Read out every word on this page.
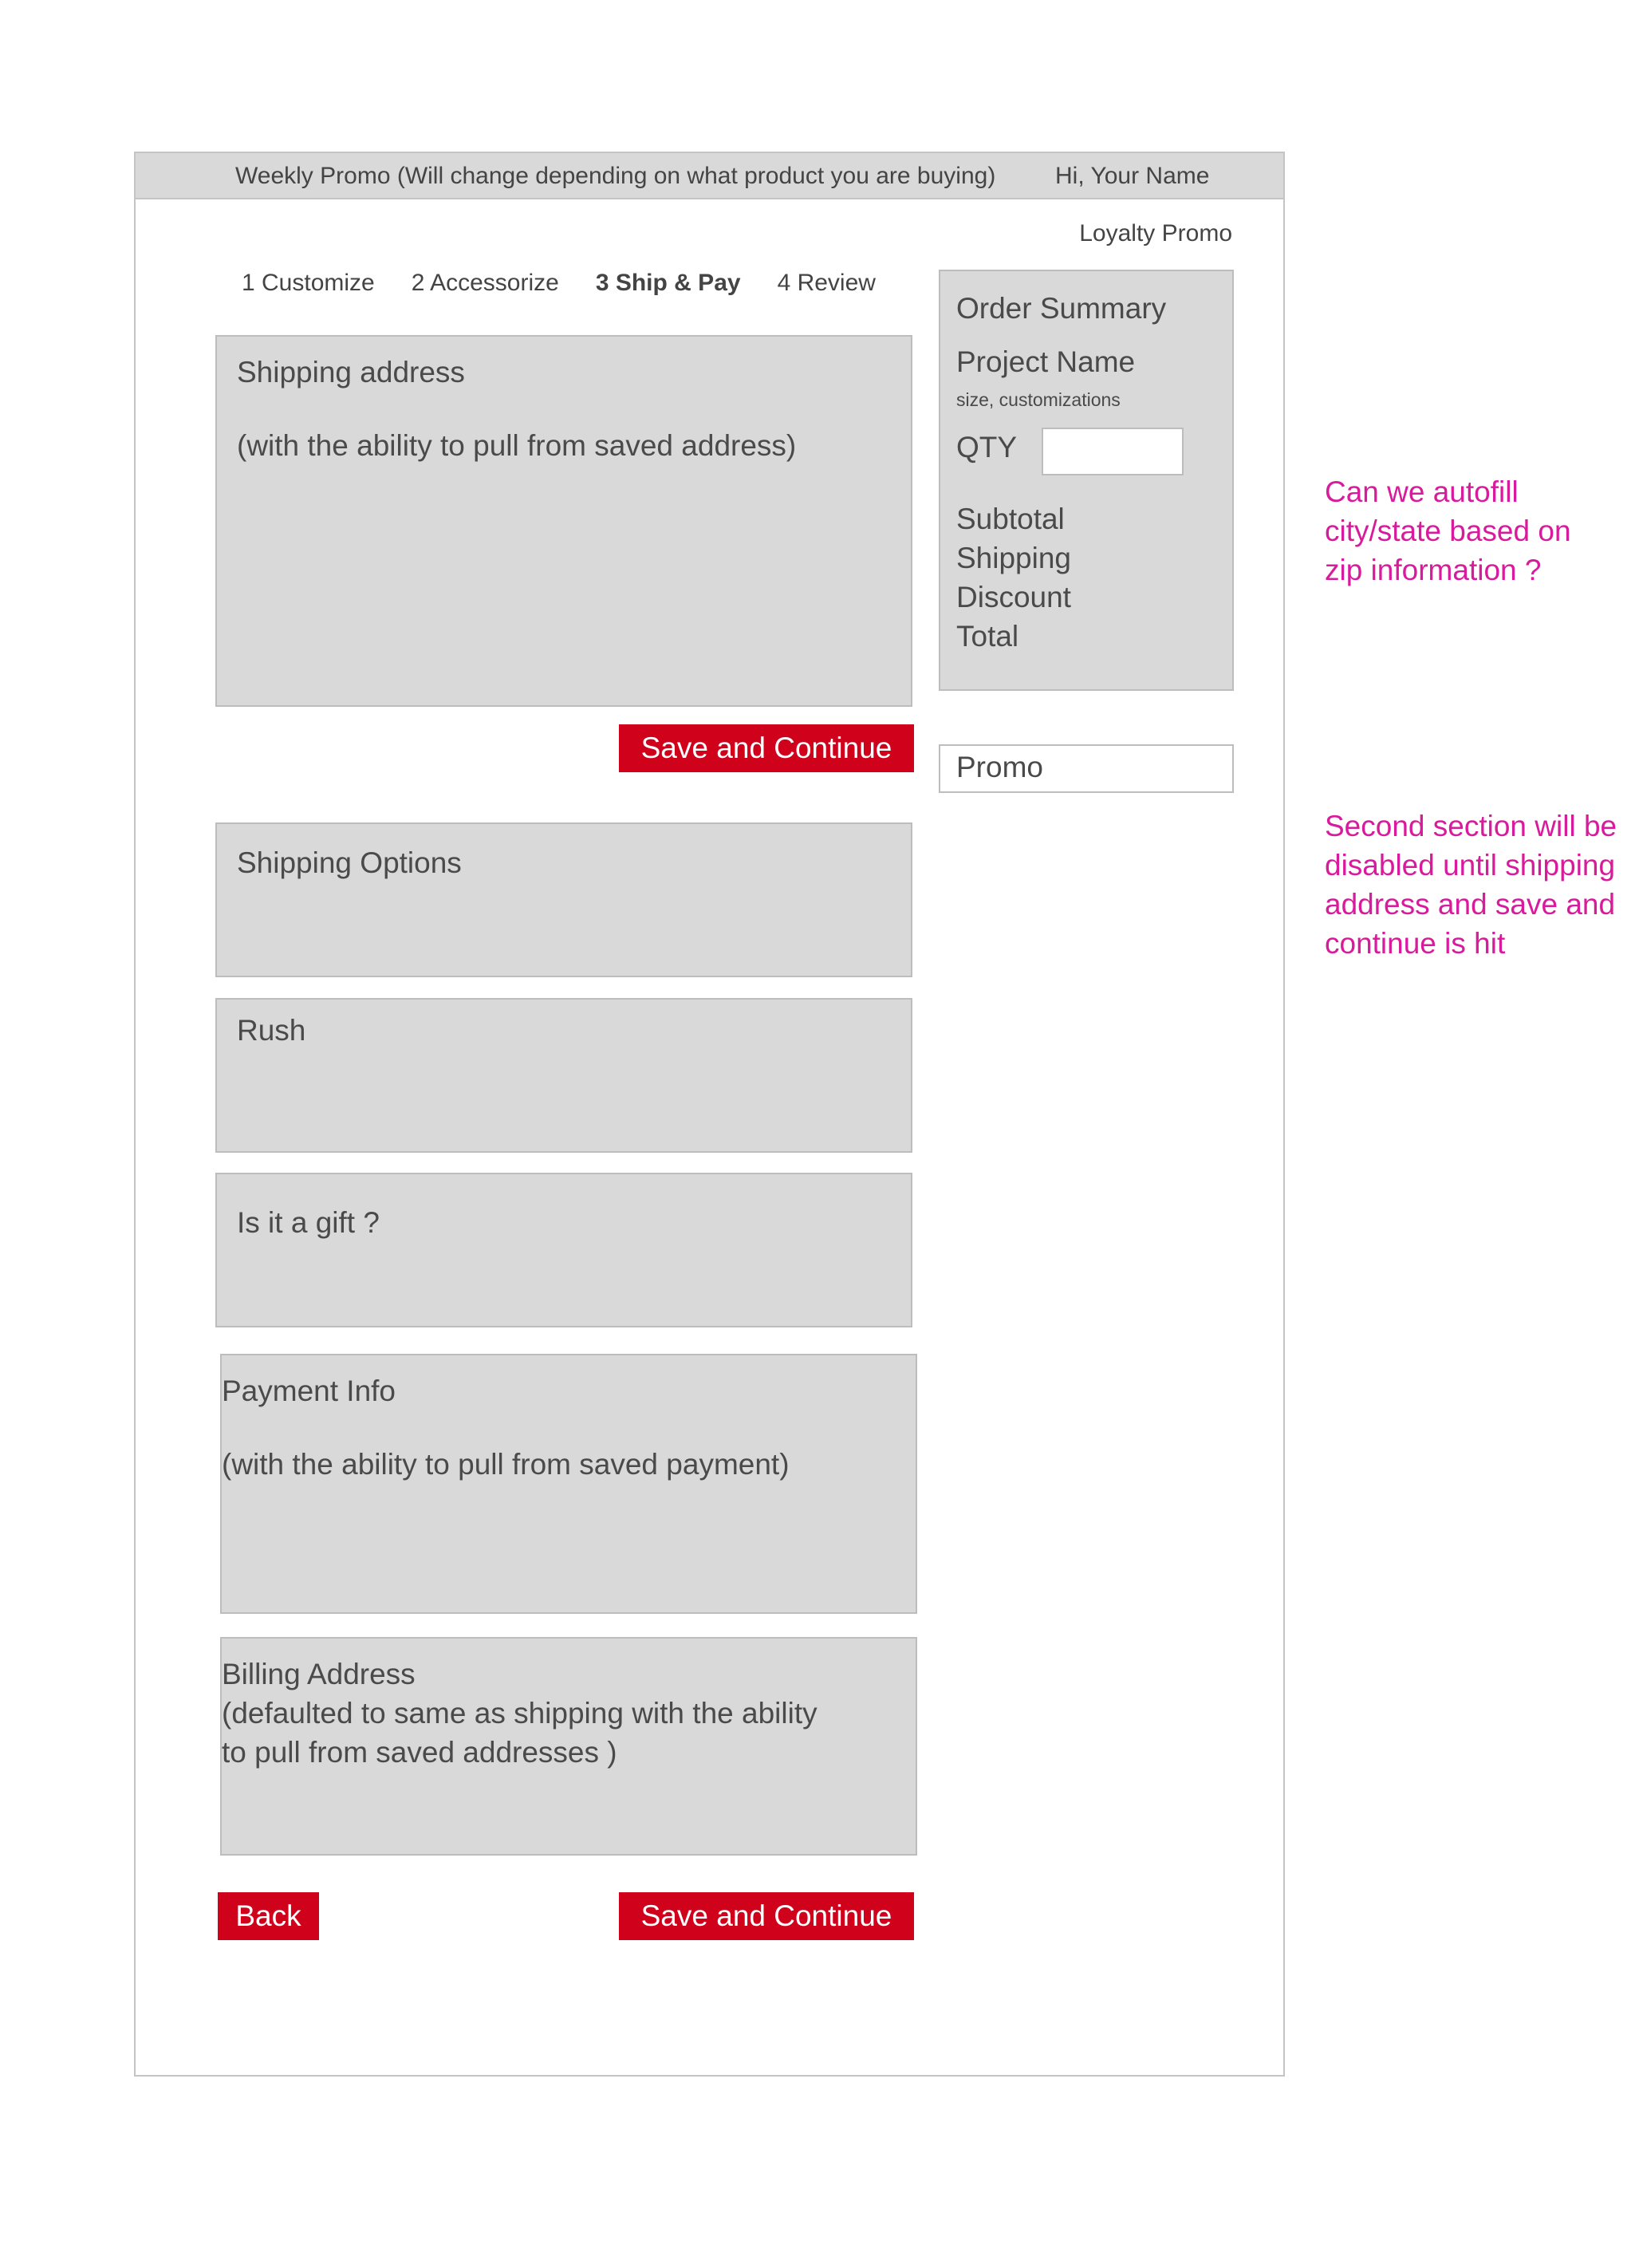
Weekly Promo (Will change depending on what product you are buying) Hi, Your Name
Loyalty Promo
1 Customize 2 Accessorize 3 Ship & Pay 4 Review
Shipping address
(with the ability to pull from saved address)
Save and Continue
Shipping Options
Rush
Is it a gift ?
Payment Info
(with the ability to pull from saved payment)
Billing Address
(defaulted to same as shipping with the ability
to pull from saved addresses )
Back	Save and Continue
Order Summary
Project Name
size, customizations
QTY
Subtotal
Shipping
Discount
Total
Promo
Can we autofill
city/state based on
zip information ?
Second section will be
disabled until shipping
address and save and
continue is hit
